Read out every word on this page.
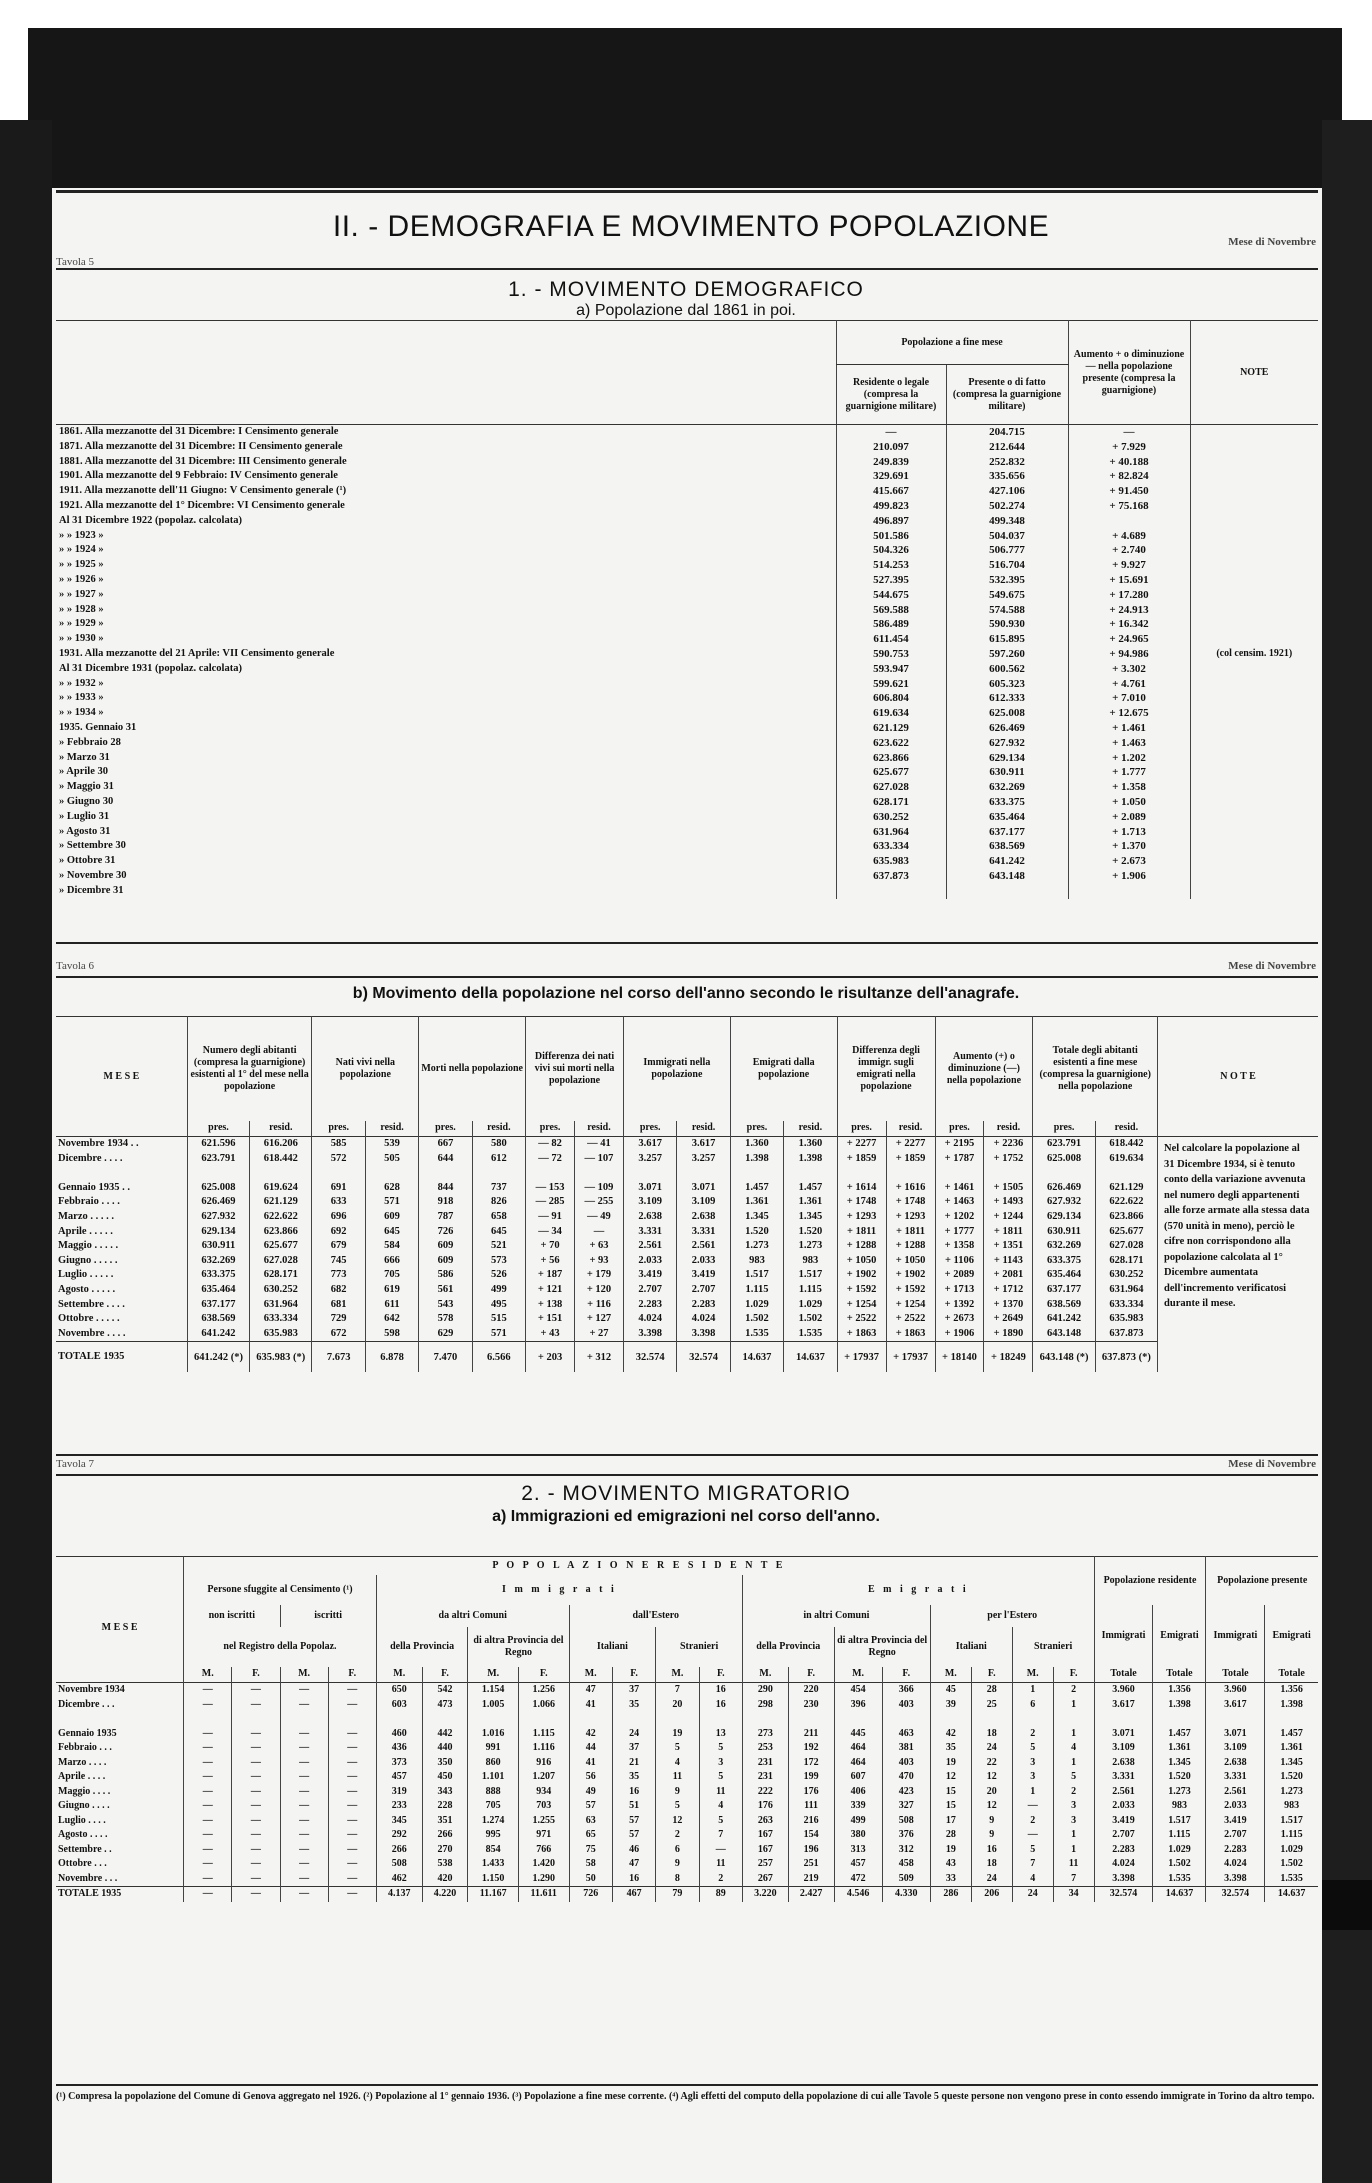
II. - DEMOGRAFIA E MOVIMENTO POPOLAZIONE
Tavola 5
Mese di Novembre
1. - MOVIMENTO DEMOGRAFICO
a) Popolazione dal 1861 in poi.
	Popolazione a fine mese		Aumento + o diminuzione — nella popolazione presente (compresa la guarnigione)	NOTE
	Residente o legale (compresa la guarnigione militare)	Presente o di fatto (compresa la guarnigione militare)		
1861. Alla mezzanotte del 31 Dicembre: I Censimento generale	—	204.715	—	
1871. Alla mezzanotte del 31 Dicembre: II Censimento generale	210.097	212.644	+ 7.929	
1881. Alla mezzanotte del 31 Dicembre: III Censimento generale	249.839	252.832	+ 40.188	
1901. Alla mezzanotte del 9 Febbraio: IV Censimento generale	329.691	335.656	+ 82.824	
1911. Alla mezzanotte dell'11 Giugno: V Censimento generale (¹)	415.667	427.106	+ 91.450	
1921. Alla mezzanotte del 1° Dicembre: VI Censimento generale	499.823	502.274	+ 75.168	
Al 31 Dicembre 1922 (popolaz. calcolata)	496.897	499.348		
» » 1923 »	501.586	504.037	+ 4.689	
» » 1924 »	504.326	506.777	+ 2.740	
» » 1925 »	514.253	516.704	+ 9.927	
» » 1926 »	527.395	532.395	+ 15.691	
» » 1927 »	544.675	549.675	+ 17.280	
» » 1928 »	569.588	574.588	+ 24.913	
» » 1929 »	586.489	590.930	+ 16.342	
» » 1930 »	611.454	615.895	+ 24.965	
1931. Alla mezzanotte del 21 Aprile: VII Censimento generale	590.753	597.260	+ 94.986	(col censim. 1921)
Al 31 Dicembre 1931 (popolaz. calcolata)	593.947	600.562	+ 3.302	
» » 1932 »	599.621	605.323	+ 4.761	
» » 1933 »	606.804	612.333	+ 7.010	
» » 1934 »	619.634	625.008	+ 12.675	
1935. Gennaio 31	621.129	626.469	+ 1.461	
» Febbraio 28	623.622	627.932	+ 1.463	
» Marzo 31	623.866	629.134	+ 1.202	
» Aprile 30	625.677	630.911	+ 1.777	
» Maggio 31	627.028	632.269	+ 1.358	
» Giugno 30	628.171	633.375	+ 1.050	
» Luglio 31	630.252	635.464	+ 2.089	
» Agosto 31	631.964	637.177	+ 1.713	
» Settembre 30	633.334	638.569	+ 1.370	
» Ottobre 31	635.983	641.242	+ 2.673	
» Novembre 30	637.873	643.148	+ 1.906	
» Dicembre 31				
Tavola 6	Mese di Novembre
b) Movimento della popolazione nel corso dell'anno secondo le risultanze dell'anagrafe.
M E S E	Numero degli abitanti (compresa la guarnigione) esistenti al 1° del mese nella popolazione		Nati vivi nella popolazione		Morti nella popolazione		Differenza dei nati vivi sui morti nella popolazione		Immigrati nella popolazione		Emigrati dalla popolazione		Differenza degli immigr. sugli emigrati nella popolazione		Aumento (+) o diminuzione (—) nella popolazione		Totale degli abitanti esistenti a fine mese (compresa la guarnigione) nella popolazione		N O T E
	pres.	resid.	pres.	resid.	pres.	resid.	pres.	resid.	pres.	resid.	pres.	resid.	pres.	resid.	pres.	resid.	pres.	resid.	
Novembre 1934 . .	621.596	616.206	585	539	667	580	— 82	— 41	3.617	3.617	1.360	1.360	+ 2277	+ 2277	+ 2195	+ 2236	623.791	618.442	Nel calcolare la popolazione al 31 Dicembre 1934, si è tenuto conto della variazione avvenuta nel numero degli appartenenti alle forze armate alla stessa data (570 unità in meno), perciò le cifre non corrispondono alla popolazione calcolata al 1° Dicembre aumentata dell'incremento verificatosi durante il mese.
Dicembre . . . .	623.791	618.442	572	505	644	612	— 72	— 107	3.257	3.257	1.398	1.398	+ 1859	+ 1859	+ 1787	+ 1752	625.008	619.634	

Gennaio 1935 . .	625.008	619.624	691	628	844	737	— 153	— 109	3.071	3.071	1.457	1.457	+ 1614	+ 1616	+ 1461	+ 1505	626.469	621.129	
Febbraio . . . .	626.469	621.129	633	571	918	826	— 285	— 255	3.109	3.109	1.361	1.361	+ 1748	+ 1748	+ 1463	+ 1493	627.932	622.622	
Marzo . . . . .	627.932	622.622	696	609	787	658	— 91	— 49	2.638	2.638	1.345	1.345	+ 1293	+ 1293	+ 1202	+ 1244	629.134	623.866	
Aprile . . . . .	629.134	623.866	692	645	726	645	— 34	—	3.331	3.331	1.520	1.520	+ 1811	+ 1811	+ 1777	+ 1811	630.911	625.677	
Maggio . . . . .	630.911	625.677	679	584	609	521	+ 70	+ 63	2.561	2.561	1.273	1.273	+ 1288	+ 1288	+ 1358	+ 1351	632.269	627.028	
Giugno . . . . .	632.269	627.028	745	666	609	573	+ 56	+ 93	2.033	2.033	983	983	+ 1050	+ 1050	+ 1106	+ 1143	633.375	628.171	
Luglio . . . . .	633.375	628.171	773	705	586	526	+ 187	+ 179	3.419	3.419	1.517	1.517	+ 1902	+ 1902	+ 2089	+ 2081	635.464	630.252	
Agosto . . . . .	635.464	630.252	682	619	561	499	+ 121	+ 120	2.707	2.707	1.115	1.115	+ 1592	+ 1592	+ 1713	+ 1712	637.177	631.964	
Settembre . . . .	637.177	631.964	681	611	543	495	+ 138	+ 116	2.283	2.283	1.029	1.029	+ 1254	+ 1254	+ 1392	+ 1370	638.569	633.334	
Ottobre . . . . .	638.569	633.334	729	642	578	515	+ 151	+ 127	4.024	4.024	1.502	1.502	+ 2522	+ 2522	+ 2673	+ 2649	641.242	635.983	
Novembre . . . .	641.242	635.983	672	598	629	571	+ 43	+ 27	3.398	3.398	1.535	1.535	+ 1863	+ 1863	+ 1906	+ 1890	643.148	637.873	
TOTALE 1935	641.242 (*)	635.983 (*)	7.673	6.878	7.470	6.566	+ 203	+ 312	32.574	32.574	14.637	14.637	+ 17937	+ 17937	+ 18140	+ 18249	643.148 (*)	637.873 (*)	
Tavola 7	Mese di Novembre
2. - MOVIMENTO MIGRATORIO
a) Immigrazioni ed emigrazioni nel corso dell'anno.
	P O P O L A Z I O N E R E S I D E N T E																				Popolazione residente		Popolazione presente	
M E S E	Persone sfuggite al Censimento (¹)				I m m i g r a t i								E m i g r a t i											
	non iscritti		iscritti		da altri Comuni				dall'Estero				in altri Comuni				per l'Estero				Immigrati	Emigrati	Immigrati	Emigrati
	nel Registro della Popolaz.				della Provincia		di altra Provincia del Regno		Italiani		Stranieri		della Provincia		di altra Provincia del Regno		Italiani		Stranieri					
	M.	F.	M.	F.	M.	F.	M.	F.	M.	F.	M.	F.	M.	F.	M.	F.	M.	F.	M.	F.	Totale	Totale	Totale	Totale
Novembre 1934	—	—	—	—	650	542	1.154	1.256	47	37	7	16	290	220	454	366	45	28	1	2	3.960	1.356	3.960	1.356
Dicembre . . .	—	—	—	—	603	473	1.005	1.066	41	35	20	16	298	230	396	403	39	25	6	1	3.617	1.398	3.617	1.398

Gennaio 1935	—	—	—	—	460	442	1.016	1.115	42	24	19	13	273	211	445	463	42	18	2	1	3.071	1.457	3.071	1.457
Febbraio . . .	—	—	—	—	436	440	991	1.116	44	37	5	5	253	192	464	381	35	24	5	4	3.109	1.361	3.109	1.361
Marzo . . . .	—	—	—	—	373	350	860	916	41	21	4	3	231	172	464	403	19	22	3	1	2.638	1.345	2.638	1.345
Aprile . . . .	—	—	—	—	457	450	1.101	1.207	56	35	11	5	231	199	607	470	12	12	3	5	3.331	1.520	3.331	1.520
Maggio . . . .	—	—	—	—	319	343	888	934	49	16	9	11	222	176	406	423	15	20	1	2	2.561	1.273	2.561	1.273
Giugno . . . .	—	—	—	—	233	228	705	703	57	51	5	4	176	111	339	327	15	12	—	3	2.033	983	2.033	983
Luglio . . . .	—	—	—	—	345	351	1.274	1.255	63	57	12	5	263	216	499	508	17	9	2	3	3.419	1.517	3.419	1.517
Agosto . . . .	—	—	—	—	292	266	995	971	65	57	2	7	167	154	380	376	28	9	—	1	2.707	1.115	2.707	1.115
Settembre . .	—	—	—	—	266	270	854	766	75	46	6	—	167	196	313	312	19	16	5	1	2.283	1.029	2.283	1.029
Ottobre . . .	—	—	—	—	508	538	1.433	1.420	58	47	9	11	257	251	457	458	43	18	7	11	4.024	1.502	4.024	1.502
Novembre . . .	—	—	—	—	462	420	1.150	1.290	50	16	8	2	267	219	472	509	33	24	4	7	3.398	1.535	3.398	1.535
TOTALE 1935	—	—	—	—	4.137	4.220	11.167	11.611	726	467	79	89	3.220	2.427	4.546	4.330	286	206	24	34	32.574	14.637	32.574	14.637
(¹) Compresa la popolazione del Comune di Genova aggregato nel 1926. (²) Popolazione al 1° gennaio 1936. (³) Popolazione a fine mese corrente. (⁴) Agli effetti del computo della popolazione di cui alle Tavole 5 queste persone non vengono prese in conto essendo immigrate in Torino da altro tempo.
